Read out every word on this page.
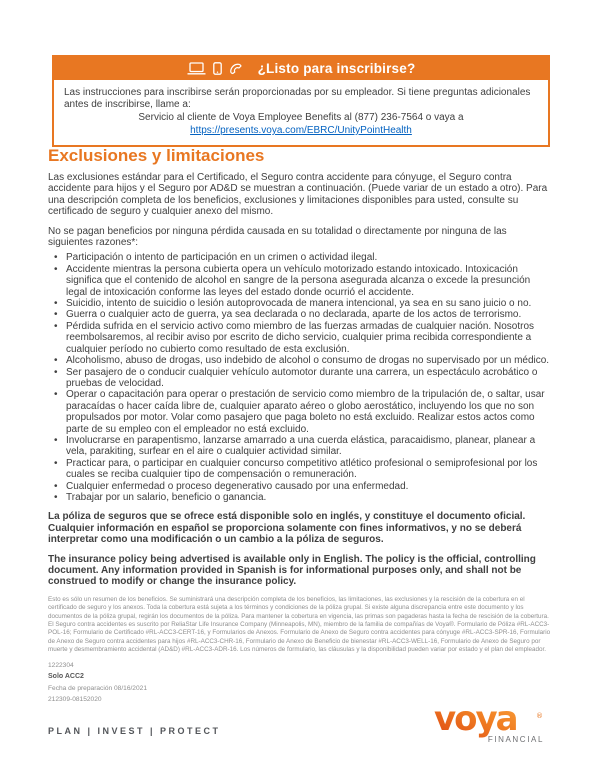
¿Listo para inscribirse?

Las instrucciones para inscribirse serán proporcionadas por su empleador. Si tiene preguntas adicionales antes de inscribirse, llame a:

Servicio al cliente de Voya Employee Benefits al (877) 236-7564 o vaya a

https://presents.voya.com/EBRC/UnityPointHealth

Exclusiones y limitaciones

Las exclusiones estándar para el Certificado, el Seguro contra accidente para cónyuge, el Seguro contra accidente para hijos y el Seguro por AD&D se muestran a continuación. (Puede variar de un estado a otro). Para una descripción completa de los beneficios, exclusiones y limitaciones disponibles para usted, consulte su certificado de seguro y cualquier anexo del mismo.

No se pagan beneficios por ninguna pérdida causada en su totalidad o directamente por ninguna de las siguientes razones*:

• Participación o intento de participación en un crimen o actividad ilegal.
• Accidente mientras la persona cubierta opera un vehículo motorizado estando intoxicado. Intoxicación significa que el contenido de alcohol en sangre de la persona asegurada alcanza o excede la presunción legal de intoxicación conforme las leyes del estado donde ocurrió el accidente.
• Suicidio, intento de suicidio o lesión autoprovocada de manera intencional, ya sea en su sano juicio o no.
• Guerra o cualquier acto de guerra, ya sea declarada o no declarada, aparte de los actos de terrorismo.
• Pérdida sufrida en el servicio activo como miembro de las fuerzas armadas de cualquier nación. Nosotros reembolsaremos, al recibir aviso por escrito de dicho servicio, cualquier prima recibida correspondiente a cualquier período no cubierto como resultado de esta exclusión.
• Alcoholismo, abuso de drogas, uso indebido de alcohol o consumo de drogas no supervisado por un médico.
• Ser pasajero de o conducir cualquier vehículo automotor durante una carrera, un espectáculo acrobático o pruebas de velocidad.
• Operar o capacitación para operar o prestación de servicio como miembro de la tripulación de, o saltar, usar paracaídas o hacer caída libre de, cualquier aparato aéreo o globo aerostático, incluyendo los que no son propulsados por motor. Volar como pasajero que paga boleto no está excluido. Realizar estos actos como parte de su empleo con el empleador no está excluido.
• Involucrarse en parapentismo, lanzarse amarrado a una cuerda elástica, paracaidismo, planear, planear a vela, parakiting, surfear en el aire o cualquier actividad similar.
• Practicar para, o participar en cualquier concurso competitivo atlético profesional o semiprofesional por los cuales se reciba cualquier tipo de compensación o remuneración.
• Cualquier enfermedad o proceso degenerativo causado por una enfermedad.
• Trabajar por un salario, beneficio o ganancia.

La póliza de seguros que se ofrece está disponible solo en inglés, y constituye el documento oficial. Cualquier información en español se proporciona solamente con fines informativos, y no se deberá interpretar como una modificación o un cambio a la póliza de seguros.

The insurance policy being advertised is available only in English. The policy is the official, controlling document. Any information provided in Spanish is for informational purposes only, and shall not be construed to modify or change the insurance policy.

Esto es sólo un resumen de los beneficios. Se suministrará una descripción completa de los beneficios, las limitaciones, las exclusiones y la rescisión de la cobertura en el certificado de seguro y los anexos. Toda la cobertura está sujeta a los términos y condiciones de la póliza grupal. Si existe alguna discrepancia entre este documento y los documentos de la póliza grupal, regirán los documentos de la póliza. Para mantener la cobertura en vigencia, las primas son pagaderas hasta la fecha de rescisión de la cobertura. El Seguro contra accidentes es suscrito por ReliaStar Life Insurance Company (Minneapolis, MN), miembro de la familia de compañías de Voya®. Formulario de Póliza #RL-ACC3-POL-16; Formulario de Certificado #RL-ACC3-CERT-16, y Formularios de Anexos. Formulario de Anexo de Seguro contra accidentes para cónyuge #RL-ACC3-SPR-16, Formulario de Anexo de Seguro contra accidentes para hijos #RL-ACC3-CHR-16, Formulario de Anexo de Beneficio de bienestar #RL-ACC3-WELL-16, Formulario de Anexo de Seguro por muerte y desmembramiento accidental (AD&D) #RL-ACC3-ADR-16. Los números de formulario, las cláusulas y la disponibilidad pueden variar por estado y el plan del empleador.

1222304
Solo ACC2
Fecha de preparación 08/16/2021
212309-08152020
PLAN | INVEST | PROTECT	voya	®
FINANCIAL
